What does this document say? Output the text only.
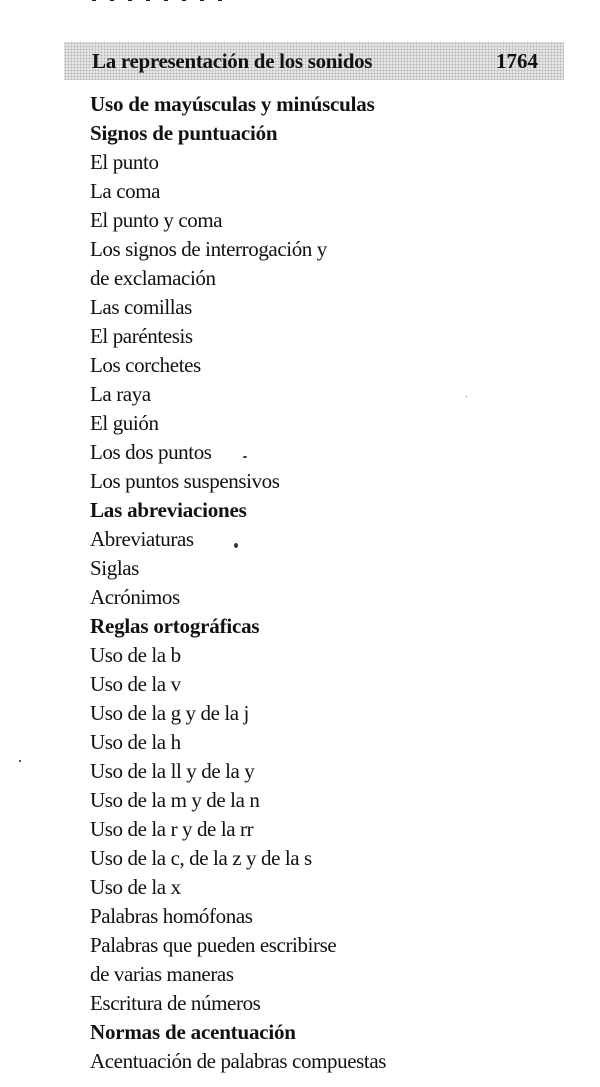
La representación de los sonidos	1764
Uso de mayúsculas y minúsculas
Signos de puntuación
El punto
La coma
El punto y coma
Los signos de interrogación y
de exclamación
Las comillas
El paréntesis
Los corchetes
La raya
El guión
Los dos puntos
Los puntos suspensivos
Las abreviaciones
Abreviaturas
Siglas
Acrónimos
Reglas ortográficas
Uso de la b
Uso de la v
Uso de la g y de la j
Uso de la h
Uso de la ll y de la y
Uso de la m y de la n
Uso de la r y de la rr
Uso de la c, de la z y de la s
Uso de la x
Palabras homófonas
Palabras que pueden escribirse
de varias maneras
Escritura de números
Normas de acentuación
Acentuación de palabras compuestas
